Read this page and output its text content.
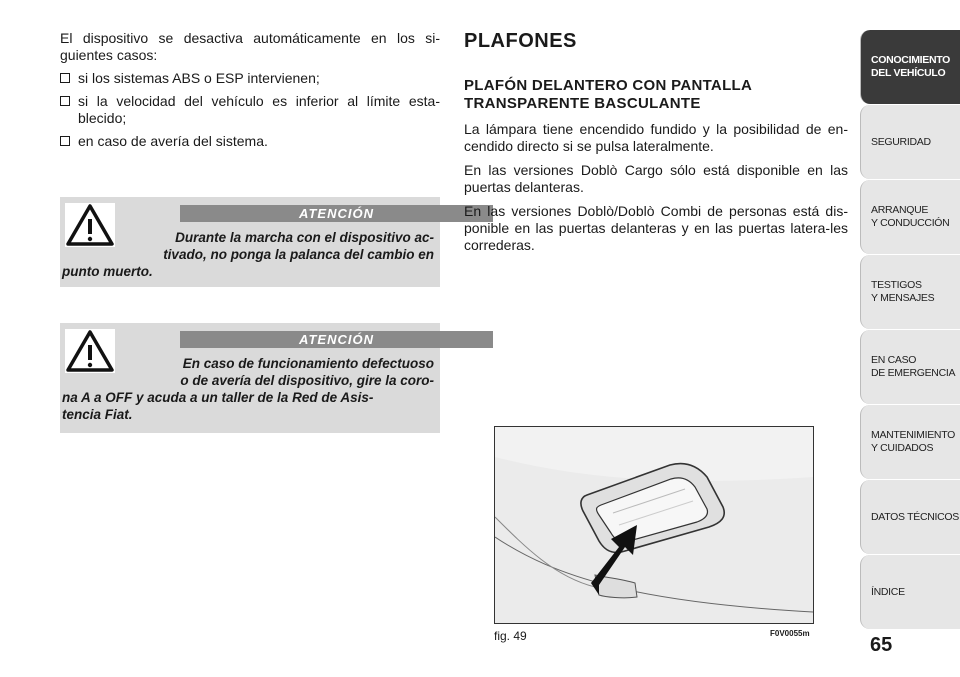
El dispositivo se desactiva automáticamente en los si-guientes casos:

si los sistemas ABS o ESP intervienen;
si la velocidad del vehículo es inferior al límite esta-blecido;
en caso de avería del sistema.
ATENCIÓN
Durante la marcha con el dispositivo ac-
tivado, no ponga la palanca del cambio en
punto muerto.
ATENCIÓN
En caso de funcionamiento defectuoso
o de avería del dispositivo, gire la coro-
na A a OFF y acuda a un taller de la Red de Asis-
tencia Fiat.
PLAFONES
PLAFÓN DELANTERO CON PANTALLA TRANSPARENTE BASCULANTE

La lámpara tiene encendido fundido y la posibilidad de en-cendido directo si se pulsa lateralmente.

En las versiones Doblò Cargo sólo está disponible en las puertas delanteras.

En las versiones Doblò/Doblò Combi de personas está dis-ponible en las puertas delanteras y en las puertas latera-les correderas.

fig. 49	F0V0055m
CONOCIMIENTO
DEL VEHÍCULO
SEGURIDAD
ARRANQUE
Y CONDUCCIÓN
TESTIGOS
Y MENSAJES
EN CASO
DE EMERGENCIA
MANTENIMIENTO
Y CUIDADOS
DATOS TÉCNICOS
ÍNDICE
65
